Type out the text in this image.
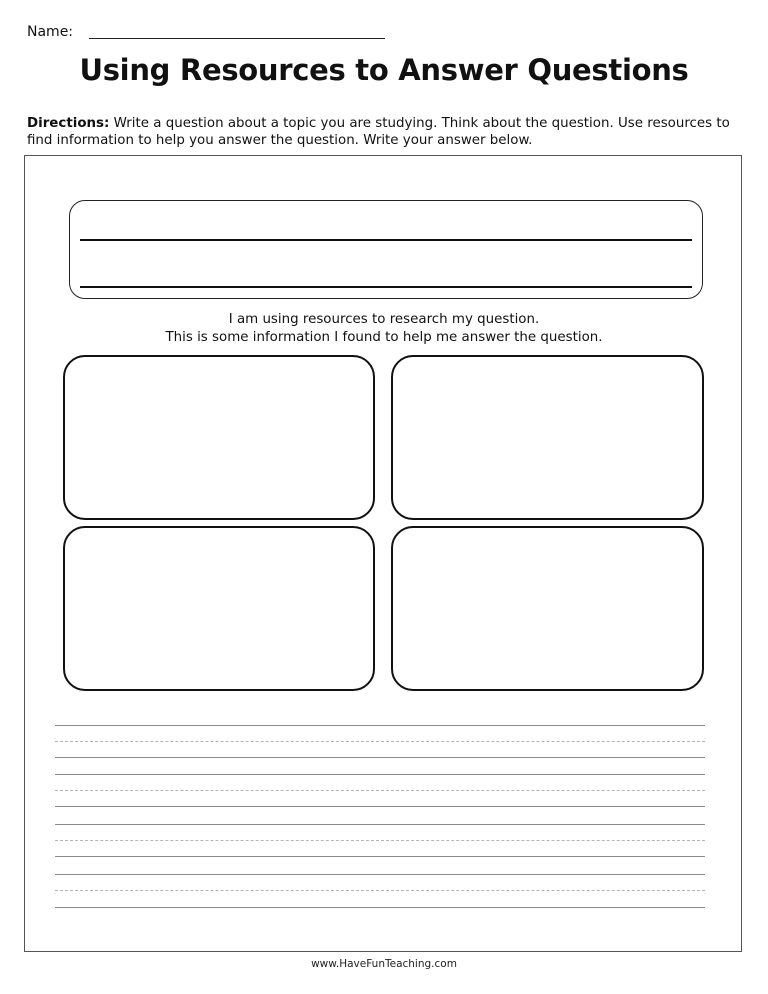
Name:
Using Resources to Answer Questions
Directions: Write a question about a topic you are studying. Think about the question. Use resources to find information to help you answer the question. Write your answer below.
I am using resources to research my question.
This is some information I found to help me answer the question.
www.HaveFunTeaching.com
